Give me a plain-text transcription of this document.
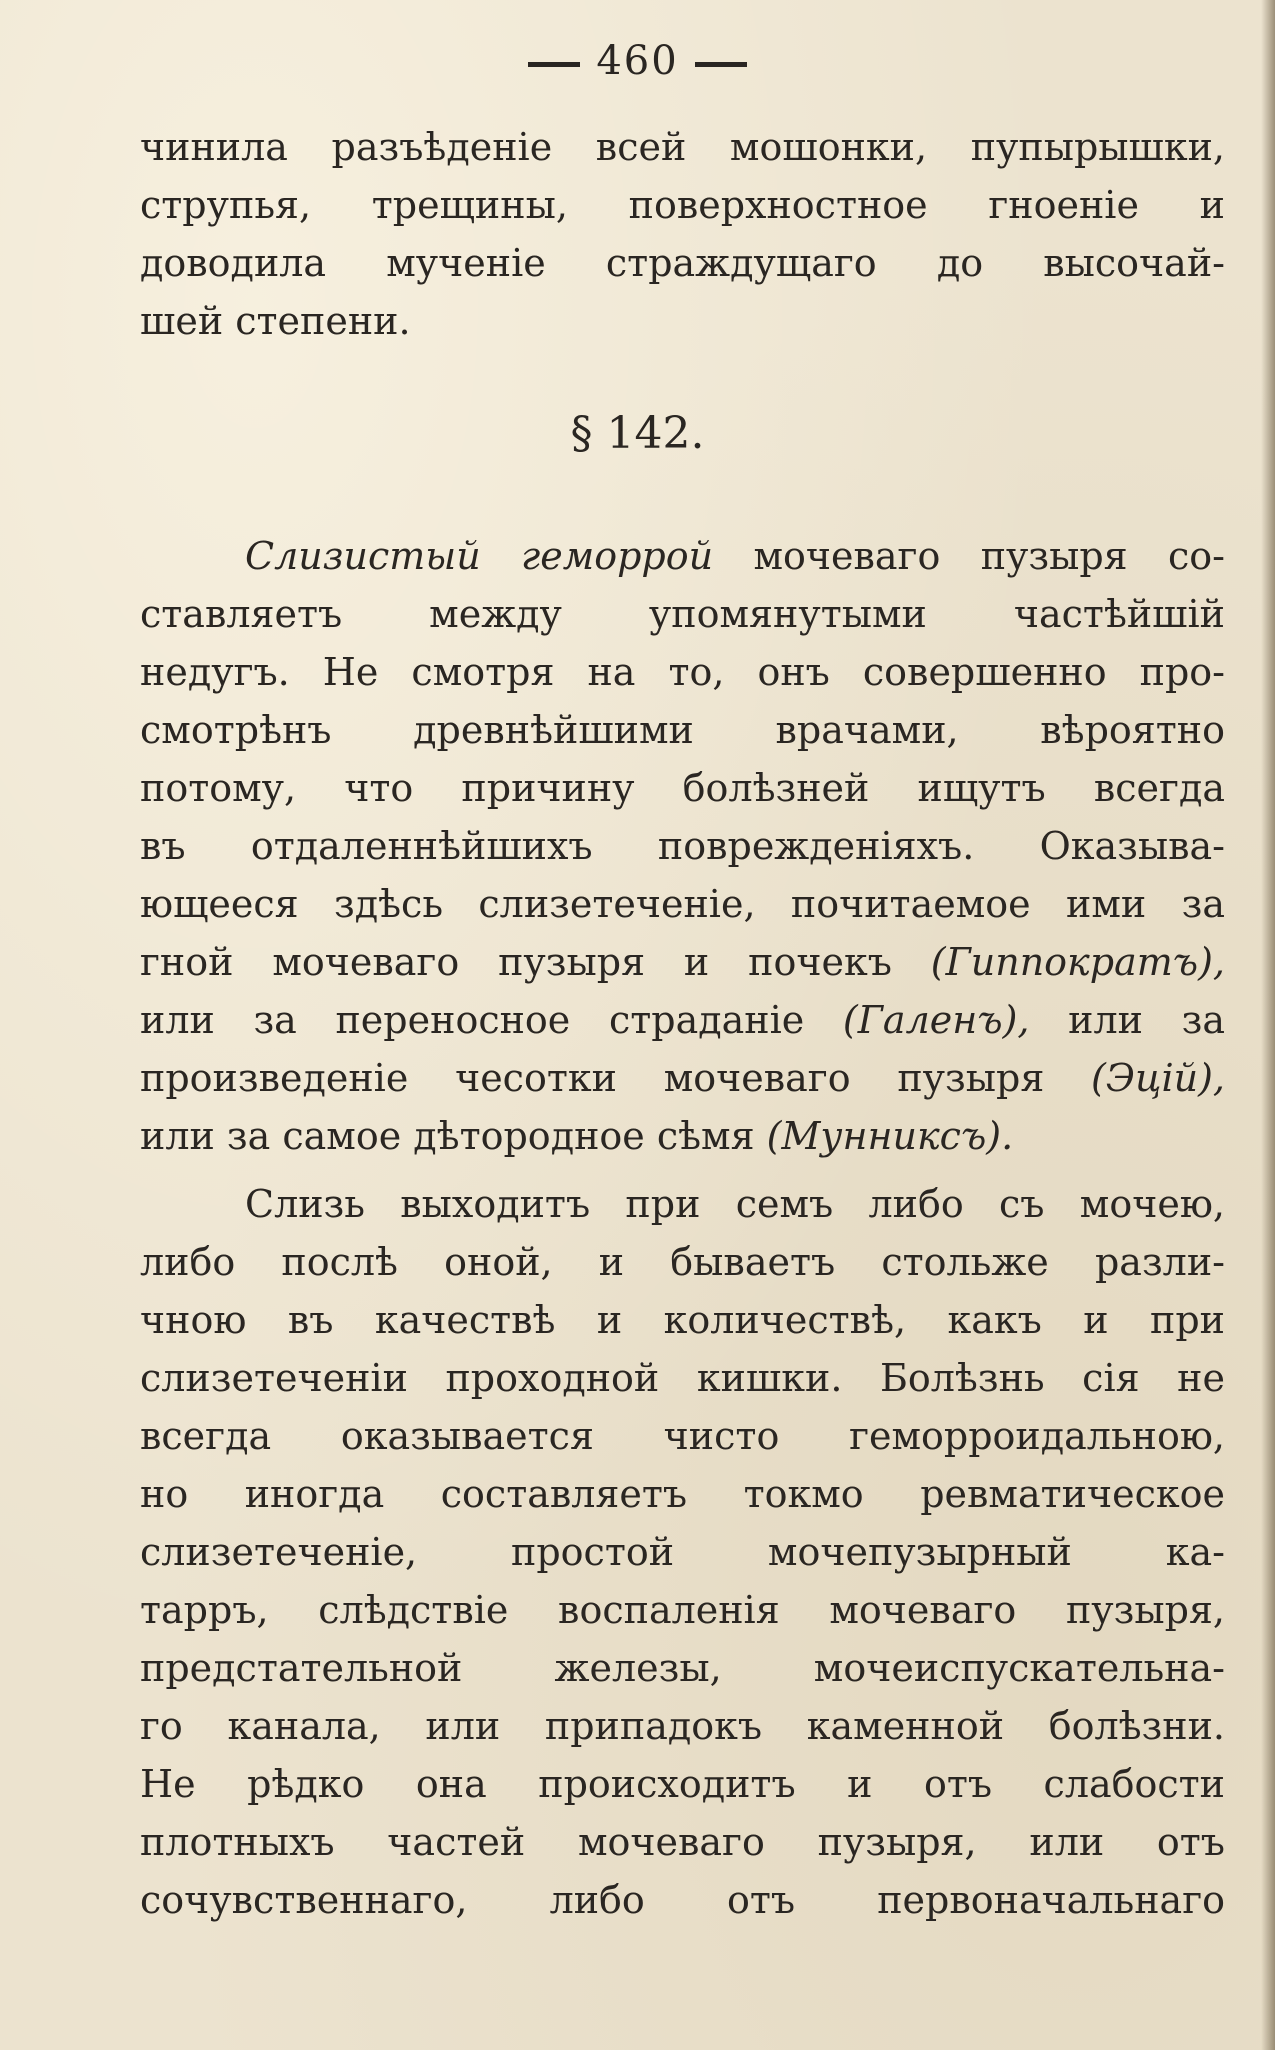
460
чинила разъѣденіе всей мошонки, пупырышки,
струпья, трещины, поверхностное гноеніе и
доводила мученіе страждущаго до высочай-
шей степени.
§ 142.
Слизистый геморрой мочеваго пузыря со-
ставляетъ между упомянутыми частѣйшій
недугъ. Не смотря на то, онъ совершенно про-
смотрѣнъ древнѣйшими врачами, вѣроятно
потому, что причину болѣзней ищутъ всегда
въ отдаленнѣйшихъ поврежденіяхъ. Оказыва-
ющееся здѣсь слизетеченіе, почитаемое ими за
гной мочеваго пузыря и почекъ (Гиппократъ),
или за переносное страданіе (Галенъ), или за
произведеніе чесотки мочеваго пузыря (Эцій),
или за самое дѣтородное сѣмя (Мунниксъ).
Слизь выходитъ при семъ либо съ мочею,
либо послѣ оной, и бываетъ стольже разли-
чною въ качествѣ и количествѣ, какъ и при
слизетеченіи проходной кишки. Болѣзнь сія не
всегда оказывается чисто геморроидальною,
но иногда составляетъ токмо ревматическое
слизетеченіе, простой мочепузырный ка-
тарръ, слѣдствіе воспаленія мочеваго пузыря,
предстательной железы, мочеиспускательна-
го канала, или припадокъ каменной болѣзни.
Не рѣдко она происходитъ и отъ слабости
плотныхъ частей мочеваго пузыря, или отъ
сочувственнаго, либо отъ первоначальнаго
